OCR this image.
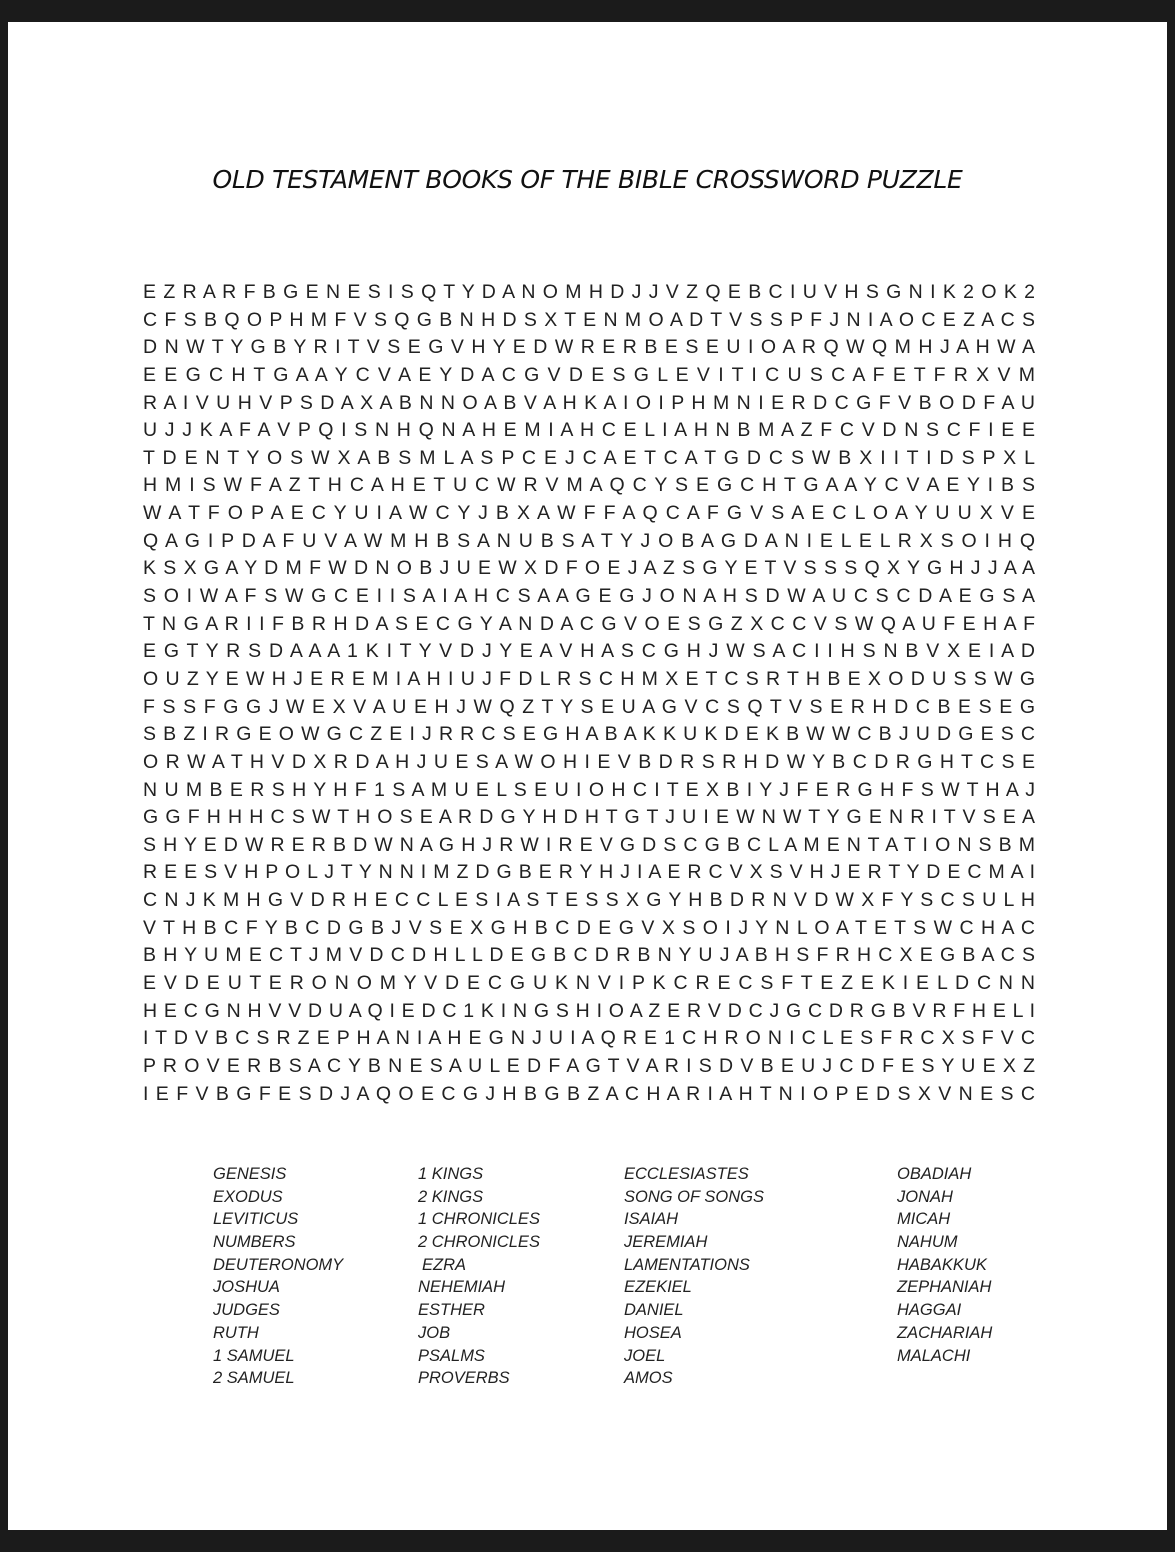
OLD TESTAMENT BOOKS OF THE BIBLE CROSSWORD PUZZLE
E Z R A R F B G E N E S I S Q T Y D A N O M H D J J V Z Q E B C I U V H S G N I K 2 O K 2
C F S B Q O P H M F V S Q G B N H D S X T E N M O A D T V S S P F J N I A O C E Z A C S
D N W T Y G B Y R I T V S E G V H Y E D W R E R B E S E U I O A R Q W Q M H J A H W A
E E G C H T G A A Y C V A E Y D A C G V D E S G L E V I T I C U S C A F E T F R X V M
R A I V U H V P S D A X A B N N O A B V A H K A I O I P H M N I E R D C G F V B O D F A U
U J J K A F A V P Q I S N H Q N A H E M I A H C E L I A H N B M A Z F C V D N S C F I E E
T D E N T Y O S W X A B S M L A S P C E J C A E T C A T G D C S W B X I I T I D S P X L
H M I S W F A Z T H C A H E T U C W R V M A Q C Y S E G C H T G A A Y C V A E Y I B S
W A T F O P A E C Y U I A W C Y J B X A W F F A Q C A F G V S A E C L O A Y U U X V E
Q A G I P D A F U V A W M H B S A N U B S A T Y J O B A G D A N I E L E L R X S O I H Q
K S X G A Y D M F W D N O B J U E W X D F O E J A Z S G Y E T V S S S Q X Y G H J J A A
S O I W A F S W G C E I I S A I A H C S A A G E G J O N A H S D W A U C S C D A E G S A
T N G A R I I F B R H D A S E C G Y A N D A C G V O E S G Z X C C V S W Q A U F E H A F
E G T Y R S D A A A 1 K I T Y V D J Y E A V H A S C G H J W S A C I I H S N B V X E I A D
O U Z Y E W H J E R E M I A H I U J F D L R S C H M X E T C S R T H B E X O D U S S W G
F S S F G G J W E X V A U E H J W Q Z T Y S E U A G V C S Q T V S E R H D C B E S E G
S B Z I R G E O W G C Z E I J R R C S E G H A B A K K U K D E K B W W C B J U D G E S C
O R W A T H V D X R D A H J U E S A W O H I E V B D R S R H D W Y B C D R G H T C S E
N U M B E R S H Y H F 1 S A M U E L S E U I O H C I T E X B I Y J F E R G H F S W T H A J
G G F H H H C S W T H O S E A R D G Y H D H T G T J U I E W N W T Y G E N R I T V S E A
S H Y E D W R E R B D W N A G H J R W I R E V G D S C G B C L A M E N T A T I O N S B M
R E E S V H P O L J T Y N N I M Z D G B E R Y H J I A E R C V X S V H J E R T Y D E C M A I
C N J K M H G V D R H E C C L E S I A S T E S S X G Y H B D R N V D W X F Y S C S U L H
V T H B C F Y B C D G B J V S E X G H B C D E G V X S O I J Y N L O A T E T S W C H A C
B H Y U M E C T J M V D C D H L L D E G B C D R B N Y U J A B H S F R H C X E G B A C S
E V D E U T E R O N O M Y V D E C G U K N V I P K C R E C S F T E Z E K I E L D C N N
H E C G N H V V D U A Q I E D C 1 K I N G S H I O A Z E R V D C J G C D R G B V R F H E L I
I T D V B C S R Z E P H A N I A H E G N J U I A Q R E 1 C H R O N I C L E S F R C X S F V C
P R O V E R B S A C Y B N E S A U L E D F A G T V A R I S D V B E U J C D F E S Y U E X Z
I E F V B G F E S D J A Q O E C G J H B G B Z A C H A R I A H T N I O P E D S X V N E S C
GENESIS
EXODUS
LEVITICUS
NUMBERS
DEUTERONOMY
JOSHUA
JUDGES
RUTH
1 SAMUEL
2 SAMUEL
1 KINGS
2 KINGS
1 CHRONICLES
2 CHRONICLES
EZRA
NEHEMIAH
ESTHER
JOB
PSALMS
PROVERBS
ECCLESIASTES
SONG OF SONGS
ISAIAH
JEREMIAH
LAMENTATIONS
EZEKIEL
DANIEL
HOSEA
JOEL
AMOS
OBADIAH
JONAH
MICAH
NAHUM
HABAKKUK
ZEPHANIAH
HAGGAI
ZACHARIAH
MALACHI
